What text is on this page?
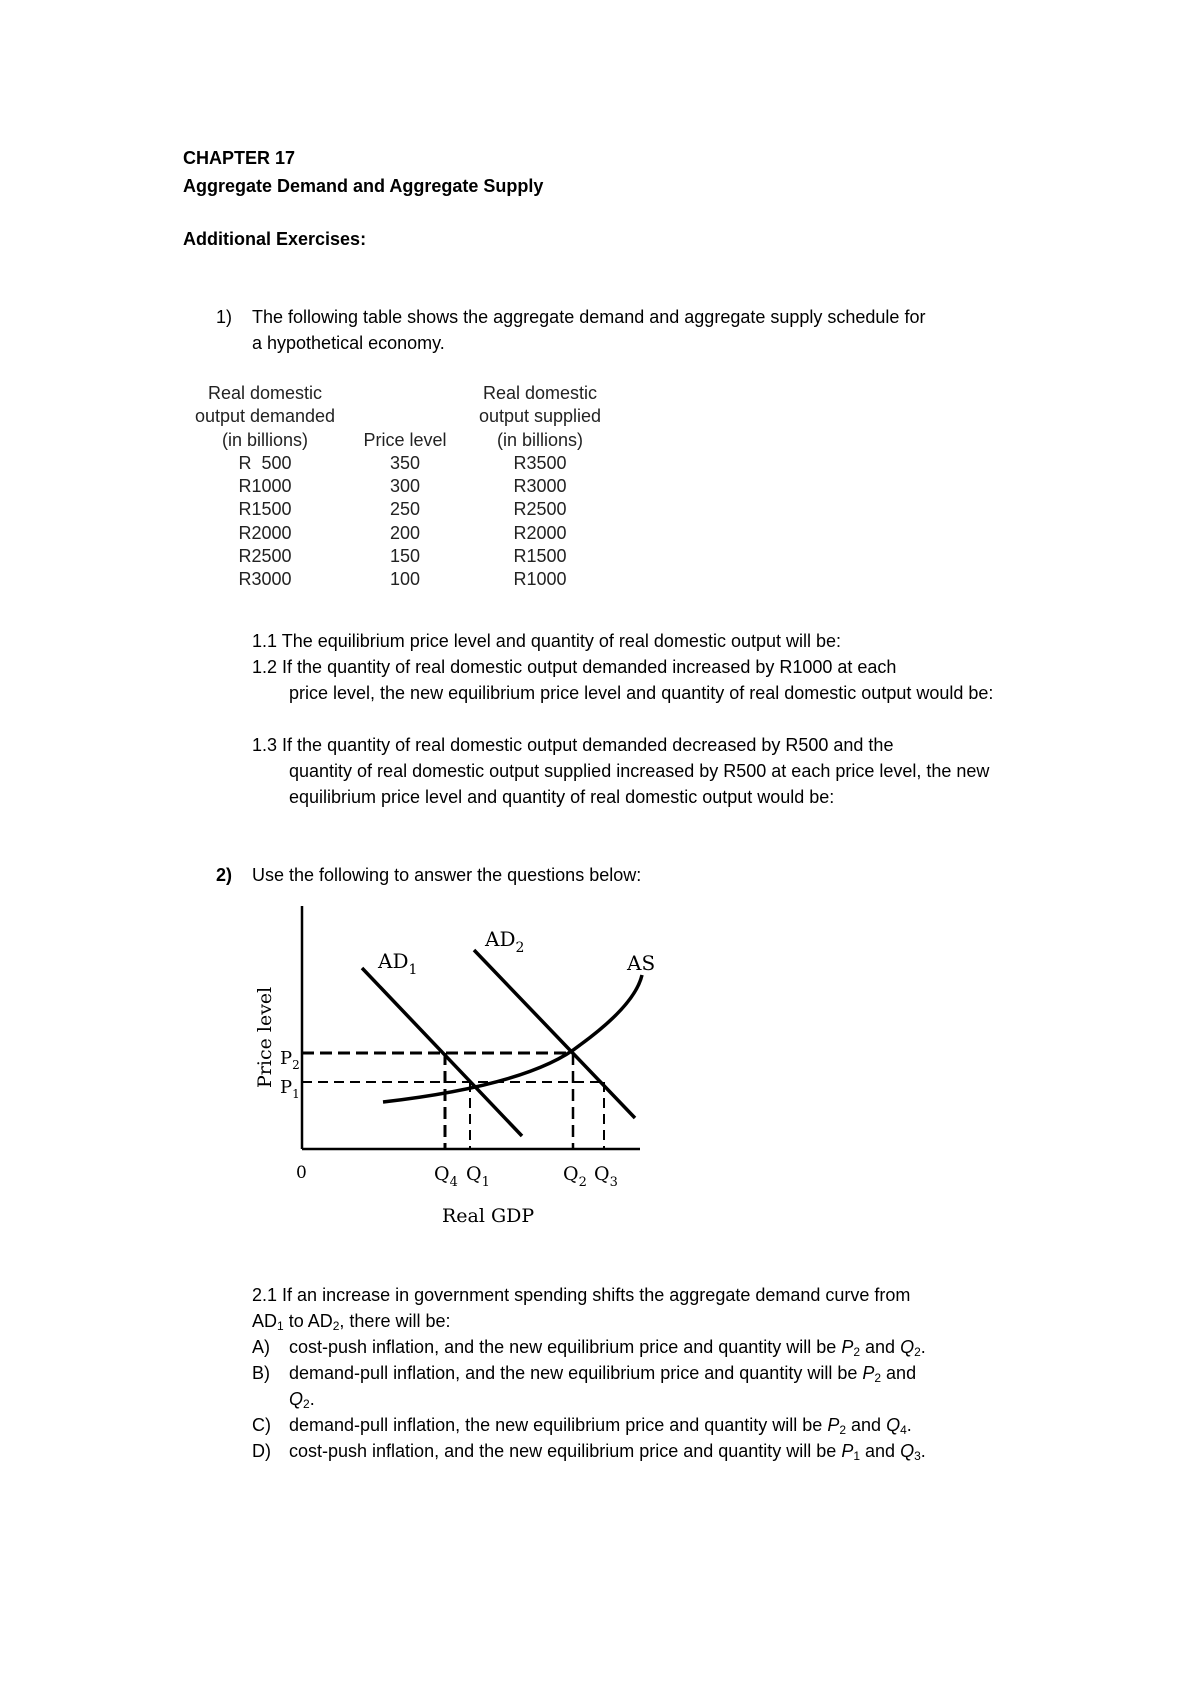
CHAPTER 17
Aggregate Demand and Aggregate Supply
Additional Exercises:
1) The following table shows the aggregate demand and aggregate supply schedule for
a hypothetical economy.
Real domestic
output demanded
(in billions)
R  500
R1000
R1500
R2000
R2500
R3000
Price level
350
300
250
200
150
100
Real domestic
output supplied
(in billions)
R3500
R3000
R2500
R2000
R1500
R1000
1.1 The equilibrium price level and quantity of real domestic output will be:
1.2 If the quantity of real domestic output demanded increased by R1000 at each
price level, the new equilibrium price level and quantity of real domestic output would be:
1.3 If the quantity of real domestic output demanded decreased by R500 and the
quantity of real domestic output supplied increased by R500 at each price level, the new equilibrium price level and quantity of real domestic output would be:
2) Use the following to answer the questions below:
$AD_1$
$AD_2$
AS
$P_2$
$P_1$
Price level
0	$Q_4$ $Q_1$	$Q_2$ $Q_3$
Real GDP
2.1 If an increase in government spending shifts the aggregate demand curve from
$AD_1$ to $AD_2$, there will be:
A) cost-push inflation, and the new equilibrium price and quantity will be $P_2$ and $Q_2$.
B) demand-pull inflation, and the new equilibrium price and quantity will be $P_2$ and
$Q_2$.
C) demand-pull inflation, the new equilibrium price and quantity will be $P_2$ and $Q_4$.
D) cost-push inflation, and the new equilibrium price and quantity will be $P_1$ and $Q_3$.
